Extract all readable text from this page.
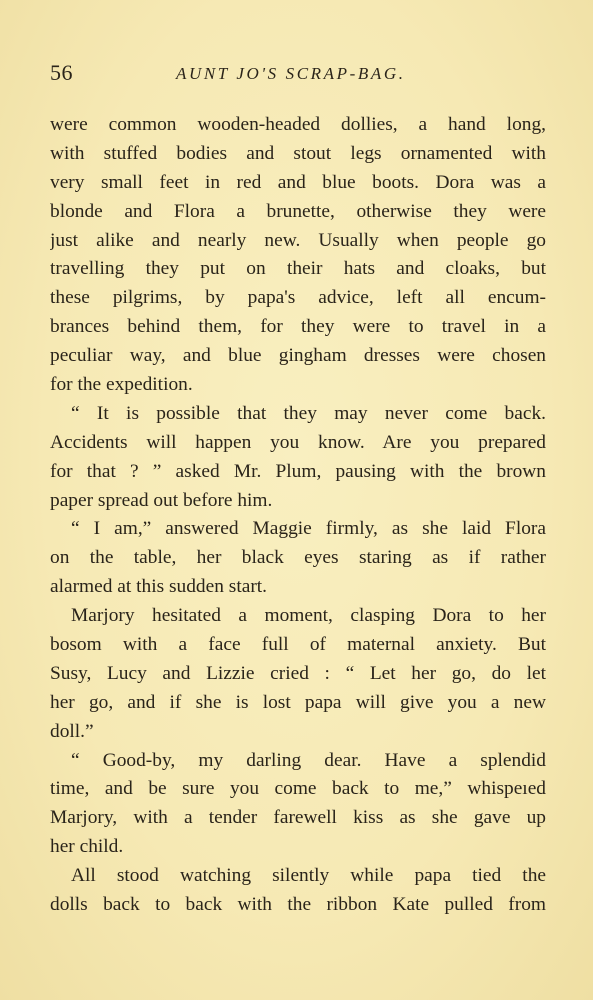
56	AUNT JO'S SCRAP-BAG.
were common wooden-headed dollies, a hand long,
with stuffed bodies and stout legs ornamented with
very small feet in red and blue boots. Dora was a
blonde and Flora a brunette, otherwise they were
just alike and nearly new. Usually when people go
travelling they put on their hats and cloaks, but
these pilgrims, by papa's advice, left all encum-
brances behind them, for they were to travel in a
peculiar way, and blue gingham dresses were chosen
for the expedition.
“ It is possible that they may never come back.
Accidents will happen you know. Are you prepared
for that ? ” asked Mr. Plum, pausing with the brown
paper spread out before him.
“ I am,” answered Maggie firmly, as she laid Flora
on the table, her black eyes staring as if rather
alarmed at this sudden start.
Marjory hesitated a moment, clasping Dora to her
bosom with a face full of maternal anxiety. But
Susy, Lucy and Lizzie cried : “ Let her go, do let
her go, and if she is lost papa will give you a new
doll.”
“ Good-by, my darling dear. Have a splendid
time, and be sure you come back to me,” whispeıed
Marjory, with a tender farewell kiss as she gave up
her child.
All stood watching silently while papa tied the
dolls back to back with the ribbon Kate pulled from
